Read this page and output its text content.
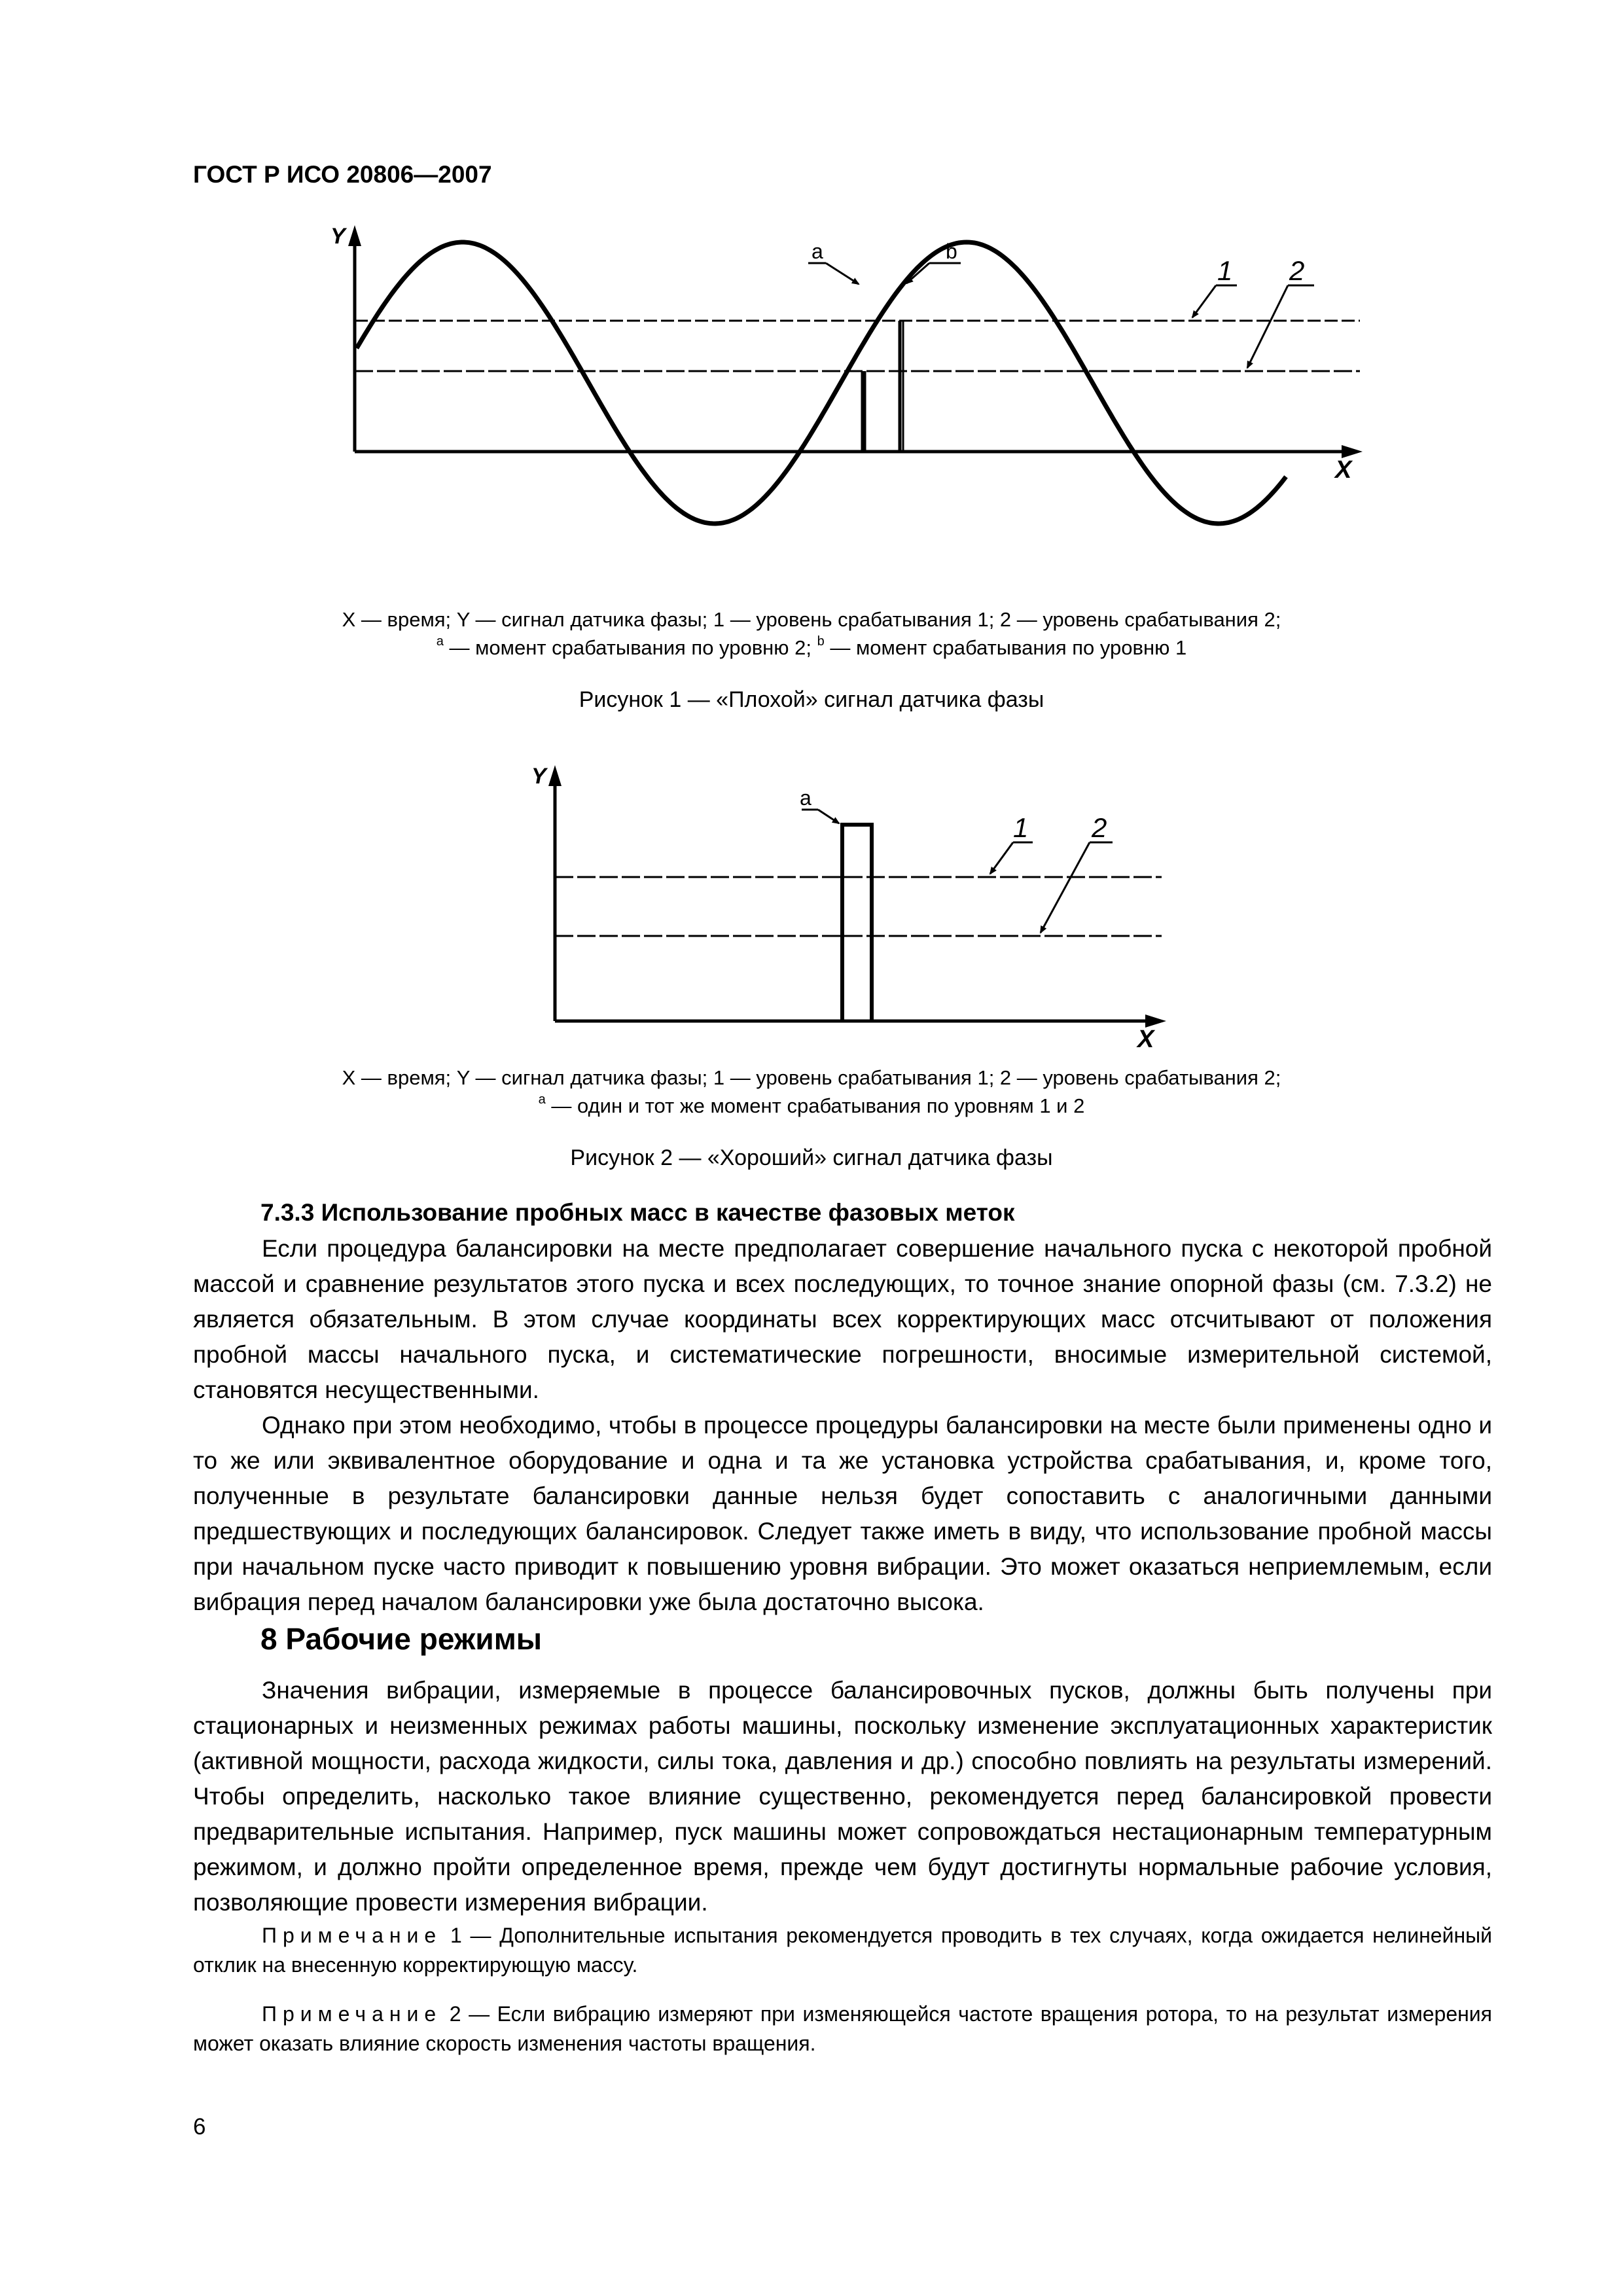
ГОСТ Р ИСО 20806—2007
a	b
1 2
Y
X
X — время; Y — сигнал датчика фазы; 1 — уровень срабатывания 1; 2 — уровень срабатывания 2;
$^a$ — момент срабатывания по уровню 2; $^b$ — момент срабатывания по уровню 1
Рисунок 1 — «Плохой» сигнал датчика фазы
a
1 2
Y
X
X — время; Y — сигнал датчика фазы; 1 — уровень срабатывания 1; 2 — уровень срабатывания 2;
$^a$ — один и тот же момент срабатывания по уровням 1 и 2
Рисунок 2 — «Хороший» сигнал датчика фазы
7.3.3 Использование пробных масс в качестве фазовых меток

Если процедура балансировки на месте предполагает совершение начального пуска с некоторой пробной массой и сравнение результатов этого пуска и всех последующих, то точное знание опорной фазы (см. 7.3.2) не является обязательным. В этом случае координаты всех корректирующих масс отсчитывают от положения пробной массы начального пуска, и систематические погрешности, вносимые измерительной системой, становятся несущественными.

Однако при этом необходимо, чтобы в процессе процедуры балансировки на месте были применены одно и то же или эквивалентное оборудование и одна и та же установка устройства срабатывания, и, кроме того, полученные в результате балансировки данные нельзя будет сопоставить с аналогичными данными предшествующих и последующих балансировок. Следует также иметь в виду, что использование пробной массы при начальном пуске часто приводит к повышению уровня вибрации. Это может оказаться неприемлемым, если вибрация перед началом балансировки уже была достаточно высока.

8 Рабочие режимы

Значения вибрации, измеряемые в процессе балансировочных пусков, должны быть получены при стационарных и неизменных режимах работы машины, поскольку изменение эксплуатационных характеристик (активной мощности, расхода жидкости, силы тока, давления и др.) способно повлиять на результаты измерений. Чтобы определить, насколько такое влияние существенно, рекомендуется перед балансировкой провести предварительные испытания. Например, пуск машины может сопровождаться нестационарным температурным режимом, и должно пройти определенное время, прежде чем будут достигнуты нормальные рабочие условия, позволяющие провести измерения вибрации.

Примечание 1 — Дополнительные испытания рекомендуется проводить в тех случаях, когда ожидается нелинейный отклик на внесенную корректирующую массу.

Примечание 2 — Если вибрацию измеряют при изменяющейся частоте вращения ротора, то на результат измерения может оказать влияние скорость изменения частоты вращения.

6
